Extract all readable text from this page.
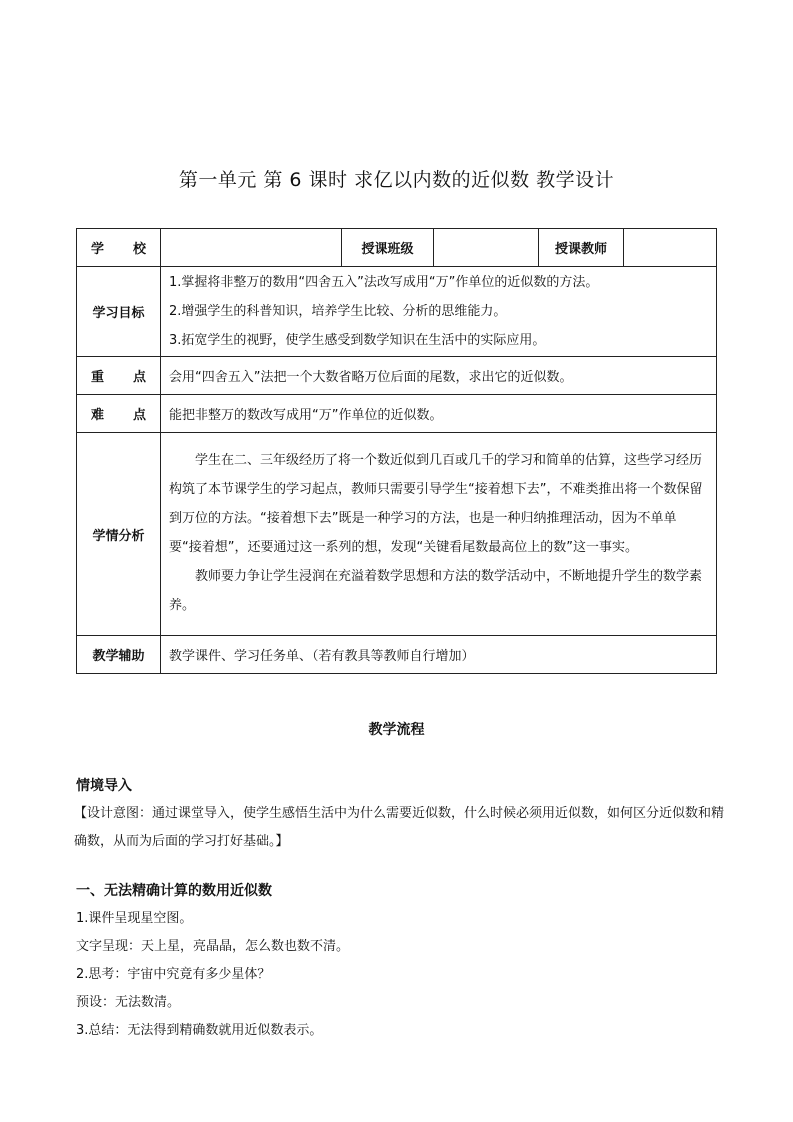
第一单元 第 6 课时 求亿以内数的近似数 教学设计
学 校		授课班级		授课教师	
学习目标	1.掌握将非整万的数用“四舍五入”法改写成用“万”作单位的近似数的方法。
2.增强学生的科普知识，培养学生比较、分析的思维能力。
3.拓宽学生的视野，使学生感受到数学知识在生活中的实际应用。				

重 点	会用“四舍五入”法把一个大数省略万位后面的尾数，求出它的近似数。				

难 点	能把非整万的数改写成用“万”作单位的近似数。				
学情分析	学生在二、三年级经历了将一个数近似到几百或几千的学习和简单的估算，这些学习经历构筑了本节课学生的学习起点，教师只需要引导学生“接着想下去”，不难类推出将一个数保留到万位的方法。“接着想下去”既是一种学习的方法，也是一种归纳推理活动，因为不单单要“接着想”，还要通过这一系列的想，发现“关键看尾数最高位上的数”这一事实。
教师要力争让学生浸润在充溢着数学思想和方法的数学活动中，不断地提升学生的数学素养。				

教学辅助	教学课件、学习任务单、（若有教具等教师自行增加）				
教学流程
情境导入
【设计意图：通过课堂导入，使学生感悟生活中为什么需要近似数，什么时候必须用近似数，如何区分近似数和精确数，从而为后面的学习打好基础。】
一、无法精确计算的数用近似数
1.课件呈现星空图。
文字呈现：天上星，亮晶晶，怎么数也数不清。
2.思考：宇宙中究竟有多少星体？
预设：无法数清。
3.总结：无法得到精确数就用近似数表示。
